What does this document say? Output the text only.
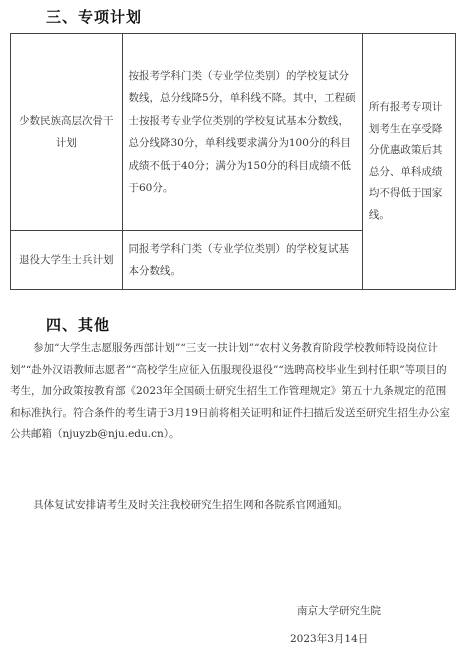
三、专项计划
少数民族高层次骨干计划	按报考学科门类（专业学位类别）的学校复试分数线，总分线降5分，单科线不降。其中，工程硕士按报考专业学位类别的学校复试基本分数线，总分线降30分，单科线要求满分为100分的科目成绩不低于40分；满分为150分的科目成绩不低于60分。	所有报考专项计划考生在享受降分优惠政策后其总分、单科成绩均不得低于国家线。
退役大学生士兵计划	同报考学科门类（专业学位类别）的学校复试基本分数线。	
四、其他
参加“大学生志愿服务西部计划”“三支一扶计划”“农村义务教育阶段学校教师特设岗位计划”“赴外汉语教师志愿者”“高校学生应征入伍服现役退役”“选聘高校毕业生到村任职”等项目的考生，加分政策按教育部《2023年全国硕士研究生招生工作管理规定》第五十九条规定的范围和标准执行。符合条件的考生请于3月19日前将相关证明和证件扫描后发送至研究生招生办公室公共邮箱（njuyzb@nju.edu.cn）。
具体复试安排请考生及时关注我校研究生招生网和各院系官网通知。
南京大学研究生院
2023年3月14日
